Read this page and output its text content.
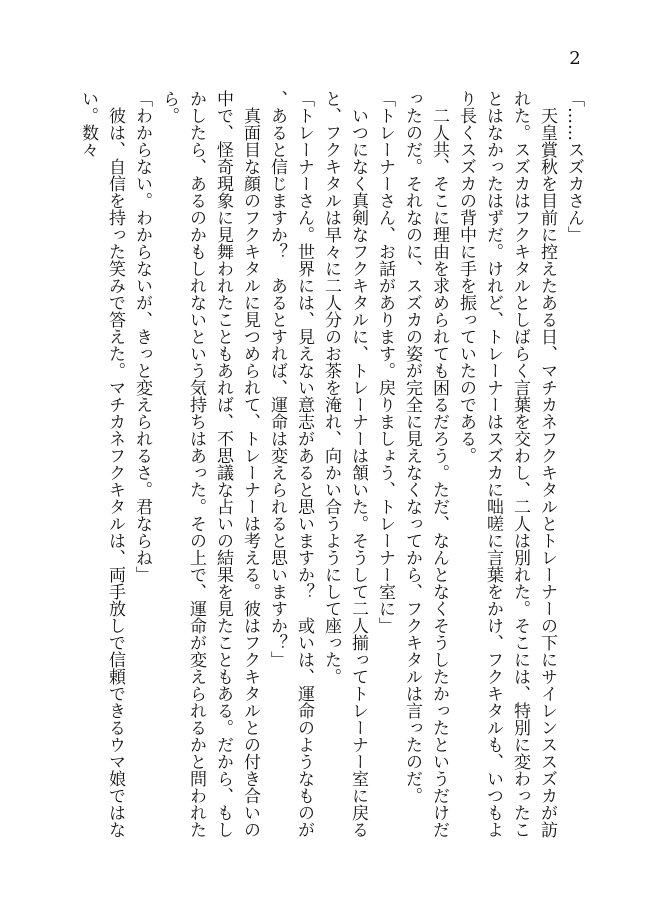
2

「……スズカさん」

　天皇賞秋を目前に控えたある日、マチカネフクキタルとトレーナーの下にサイレンススズカが訪れた。スズカはフクキタルとしばらく言葉を交わし、二人は別れた。そこには、特別に変わったことはなかったはずだ。けれど、トレーナーはスズカに咄嗟に言葉をかけ、フクキタルも、いつもより長くスズカの背中に手を振っていたのである。

　二人共、そこに理由を求められても困るだろう。ただ、なんとなくそうしたかったというだけだったのだ。それなのに、スズカの姿が完全に見えなくなってから、フクキタルは言ったのだ。

「トレーナーさん、お話があります。戻りましょう、トレーナー室に」

　いつになく真剣なフクキタルに、トレーナーは頷いた。そうして二人揃ってトレーナー室に戻ると、フクキタルは早々に二人分のお茶を淹れ、向かい合うようにして座った。

「トレーナーさん。世界には、見えない意志があると思いますか？　或いは、運命のようなものが、あると信じますか？　あるとすれば、運命は変えられると思いますか？」

　真面目な顔のフクキタルに見つめられて、トレーナーは考える。彼はフクキタルとの付き合いの中で、怪奇現象に見舞われたこともあれば、不思議な占いの結果を見たこともある。だから、もしかしたら、あるのかもしれないという気持ちはあった。その上で、運命が変えられるかと問われたら。

「わからない。わからないが、きっと変えられるさ。君ならね」

　彼は、自信を持った笑みで答えた。マチカネフクキタルは、両手放しで信頼できるウマ娘ではない。数々
